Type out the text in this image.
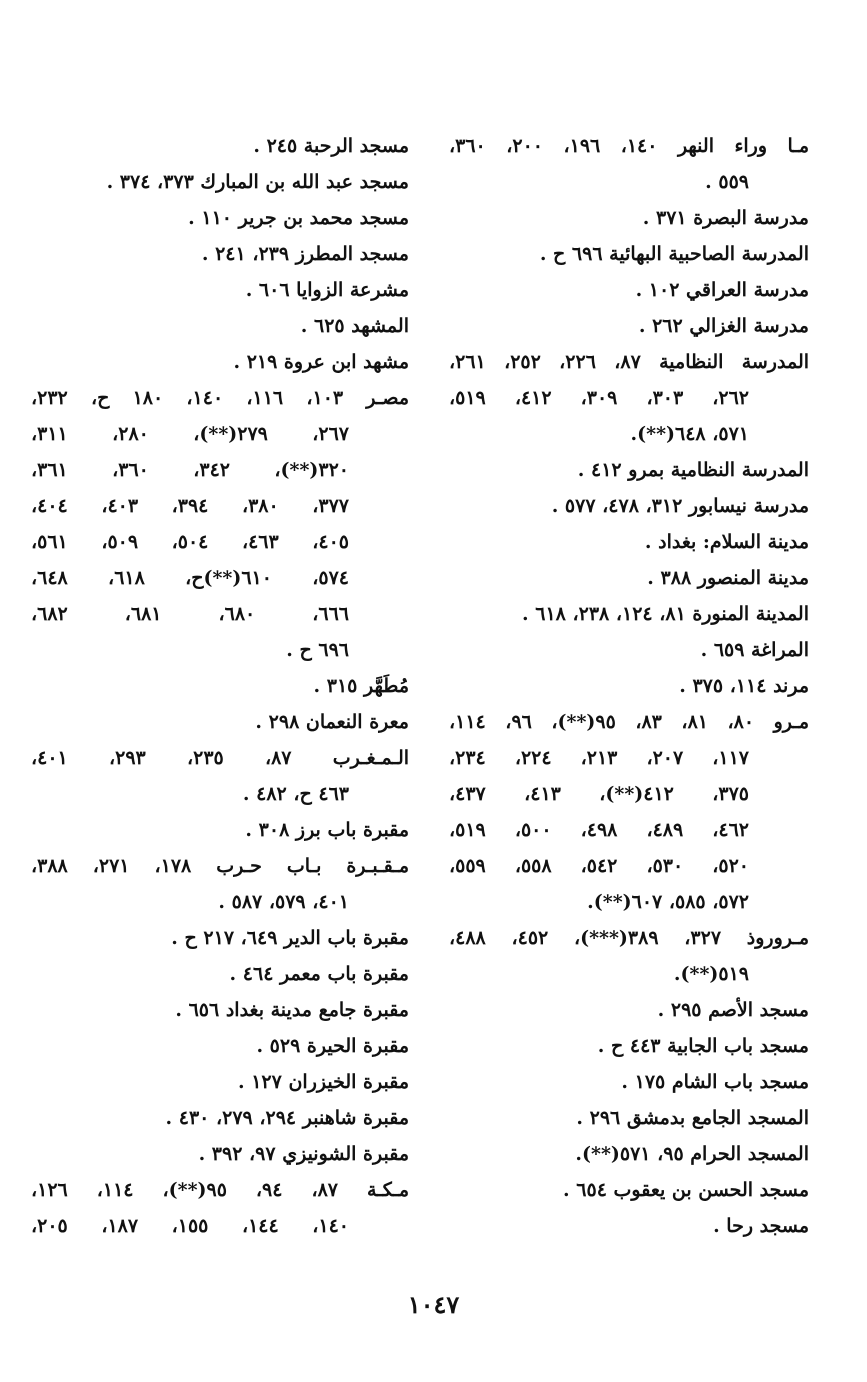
مـا وراء النهر ١٤٠، ١٩٦، ٢٠٠، ٣٦٠،
٥٥٩ .
مدرسة البصرة ٣٧١ .
المدرسة الصاحبية البهائية ٦٩٦ ح .
مدرسة العراقي ١٠٢ .
مدرسة الغزالي ٢٦٢ .
المدرسة النظامية ٨٧، ٢٢٦، ٢٥٢، ٢٦١،
٢٦٢، ٣٠٣، ٣٠٩، ٤١٢، ٥١٩،
٥٧١، ٦٤٨(**).
المدرسة النظامية بمرو ٤١٢ .
مدرسة نيسابور ٣١٢، ٤٧٨، ٥٧٧ .
مدينة السلام: بغداد .
مدينة المنصور ٣٨٨ .
المدينة المنورة ٨١، ١٢٤، ٢٣٨، ٦١٨ .
المراغة ٦٥٩ .
مرند ١١٤، ٣٧٥ .
مـرو ٨٠، ٨١، ٨٣، ٩٥(**)، ٩٦، ١١٤،
١١٧، ٢٠٧، ٢١٣، ٢٢٤، ٢٣٤،
٣٧٥، ٤١٢(**)، ٤١٣، ٤٣٧،
٤٦٢، ٤٨٩، ٤٩٨، ٥٠٠، ٥١٩،
٥٢٠، ٥٣٠، ٥٤٢، ٥٥٨، ٥٥٩،
٥٧٢، ٥٨٥، ٦٠٧(**).
مـروروذ ٣٢٧، ٣٨٩(***)، ٤٥٢، ٤٨٨،
٥١٩(**).
مسجد الأصم ٢٩٥ .
مسجد باب الجابية ٤٤٣ ح .
مسجد باب الشام ١٧٥ .
المسجد الجامع بدمشق ٢٩٦ .
المسجد الحرام ٩٥، ٥٧١(**).
مسجد الحسن بن يعقوب ٦٥٤ .
مسجد رحا .
مسجد الرحبة ٢٤٥ .
مسجد عبد الله بن المبارك ٣٧٣، ٣٧٤ .
مسجد محمد بن جرير ١١٠ .
مسجد المطرز ٢٣٩، ٢٤١ .
مشرعة الزوايا ٦٠٦ .
المشهد ٦٢٥ .
مشهد ابن عروة ٢١٩ .
مصـر ١٠٣، ١١٦، ١٤٠، ١٨٠ ح، ٢٣٢،
٢٦٧، ٢٧٩(**)، ٢٨٠، ٣١١،
٣٢٠(**)، ٣٤٢، ٣٦٠، ٣٦١،
٣٧٧، ٣٨٠، ٣٩٤، ٤٠٣، ٤٠٤،
٤٠٥، ٤٦٣، ٥٠٤، ٥٠٩، ٥٦١،
٥٧٤، ٦١٠(**)ح، ٦١٨، ٦٤٨،
٦٦٦، ٦٨٠، ٦٨١، ٦٨٢،
٦٩٦ ح .
مُطَهَّر ٣١٥ .
معرة النعمان ٢٩٨ .
الـمـغـرب ٨٧، ٢٣٥، ٢٩٣، ٤٠١،
٤٦٣ ح، ٤٨٢ .
مقبرة باب برز ٣٠٨ .
مـقـبـرة بـاب حـرب ١٧٨، ٢٧١، ٣٨٨،
٤٠١، ٥٧٩، ٥٨٧ .
مقبرة باب الدير ٦٤٩، ٢١٧ ح .
مقبرة باب معمر ٤٦٤ .
مقبرة جامع مدينة بغداد ٦٥٦ .
مقبرة الحيرة ٥٢٩ .
مقبرة الخيزران ١٢٧ .
مقبرة شاهنبر ٢٩٤، ٢٧٩، ٤٣٠ .
مقبرة الشونيزي ٩٧، ٣٩٢ .
مـكـة ٨٧، ٩٤، ٩٥(**)، ١١٤، ١٢٦،
١٤٠، ١٤٤، ١٥٥، ١٨٧، ٢٠٥،
١٠٤٧
